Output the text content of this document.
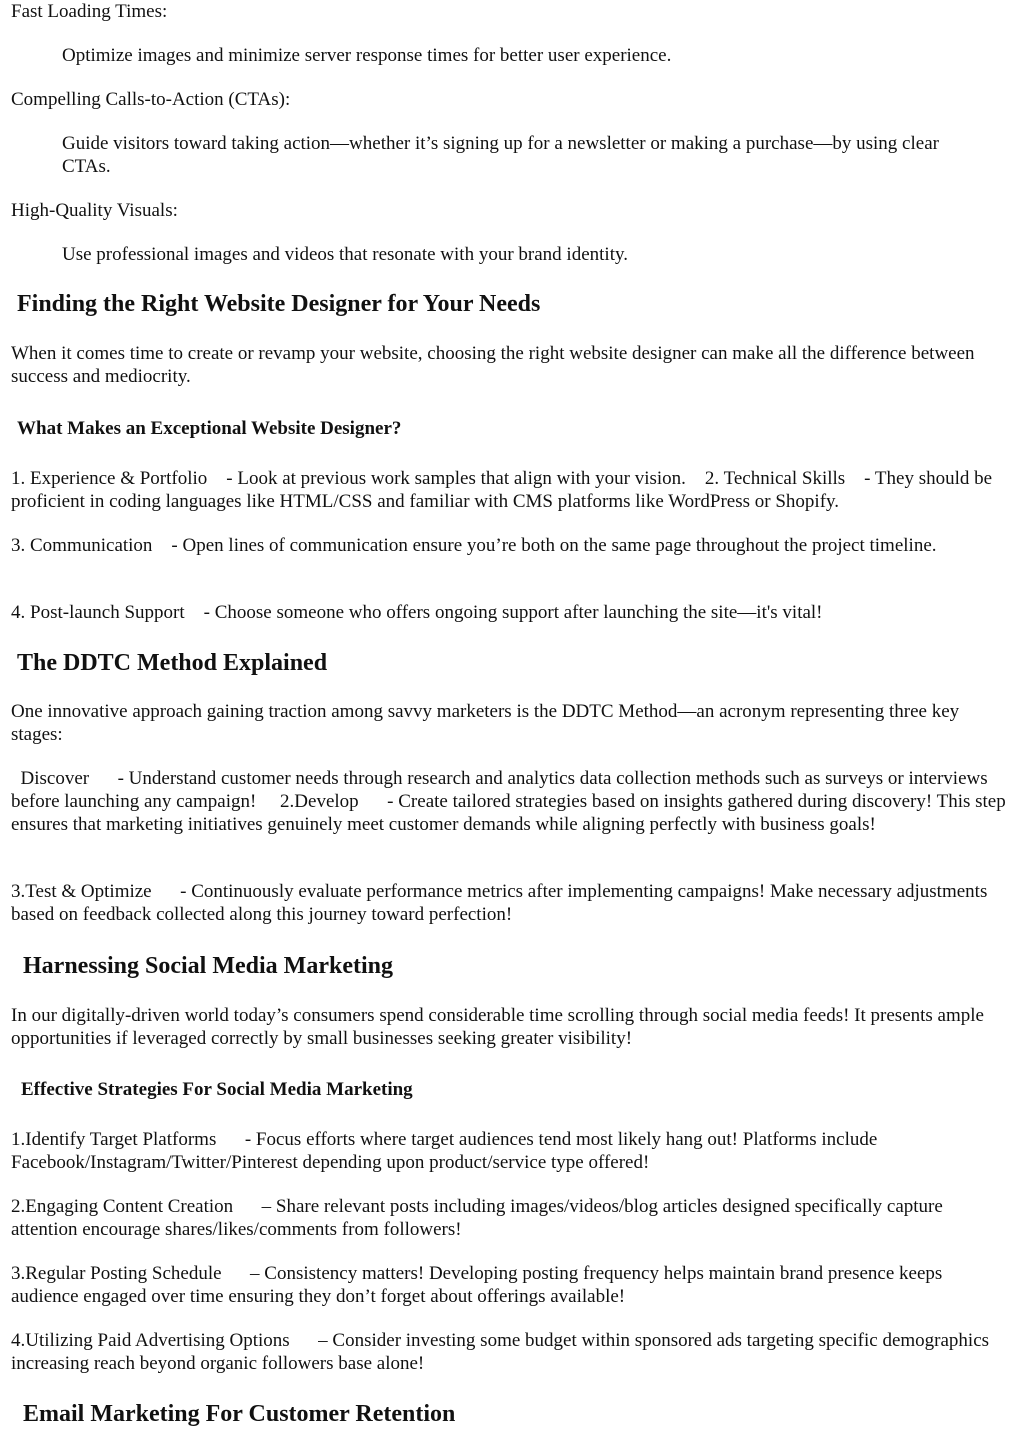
Fast Loading Times:

Optimize images and minimize server response times for better user experience.

Compelling Calls-to-Action (CTAs):

Guide visitors toward taking action—whether it’s signing up for a newsletter or making a purchase—by using clear CTAs.

High-Quality Visuals:

Use professional images and videos that resonate with your brand identity.

Finding the Right Website Designer for Your Needs

When it comes time to create or revamp your website, choosing the right website designer can make all the difference between success and mediocrity.

What Makes an Exceptional Website Designer?

1. Experience & Portfolio    - Look at previous work samples that align with your vision.    2. Technical Skills    - They should be proficient in coding languages like HTML/CSS and familiar with CMS platforms like WordPress or Shopify.

3. Communication    - Open lines of communication ensure you’re both on the same page throughout the project timeline.

4. Post-launch Support    - Choose someone who offers ongoing support after launching the site—it's vital!

The DDTC Method Explained

One innovative approach gaining traction among savvy marketers is the DDTC Method—an acronym representing three key stages:

Discover      - Understand customer needs through research and analytics data collection methods such as surveys or interviews before launching any campaign!     2.Develop      - Create tailored strategies based on insights gathered during discovery! This step ensures that marketing initiatives genuinely meet customer demands while aligning perfectly with business goals!

3.Test & Optimize      - Continuously evaluate performance metrics after implementing campaigns! Make necessary adjustments based on feedback collected along this journey toward perfection!

Harnessing Social Media Marketing

In our digitally-driven world today’s consumers spend considerable time scrolling through social media feeds! It presents ample opportunities if leveraged correctly by small businesses seeking greater visibility!

Effective Strategies For Social Media Marketing

1.Identify Target Platforms      - Focus efforts where target audiences tend most likely hang out! Platforms include Facebook/Instagram/Twitter/Pinterest depending upon product/service type offered!

2.Engaging Content Creation      – Share relevant posts including images/videos/blog articles designed specifically capture attention encourage shares/likes/comments from followers!

3.Regular Posting Schedule      – Consistency matters! Developing posting frequency helps maintain brand presence keeps audience engaged over time ensuring they don’t forget about offerings available!

4.Utilizing Paid Advertising Options      – Consider investing some budget within sponsored ads targeting specific demographics increasing reach beyond organic followers base alone!

Email Marketing For Customer Retention
